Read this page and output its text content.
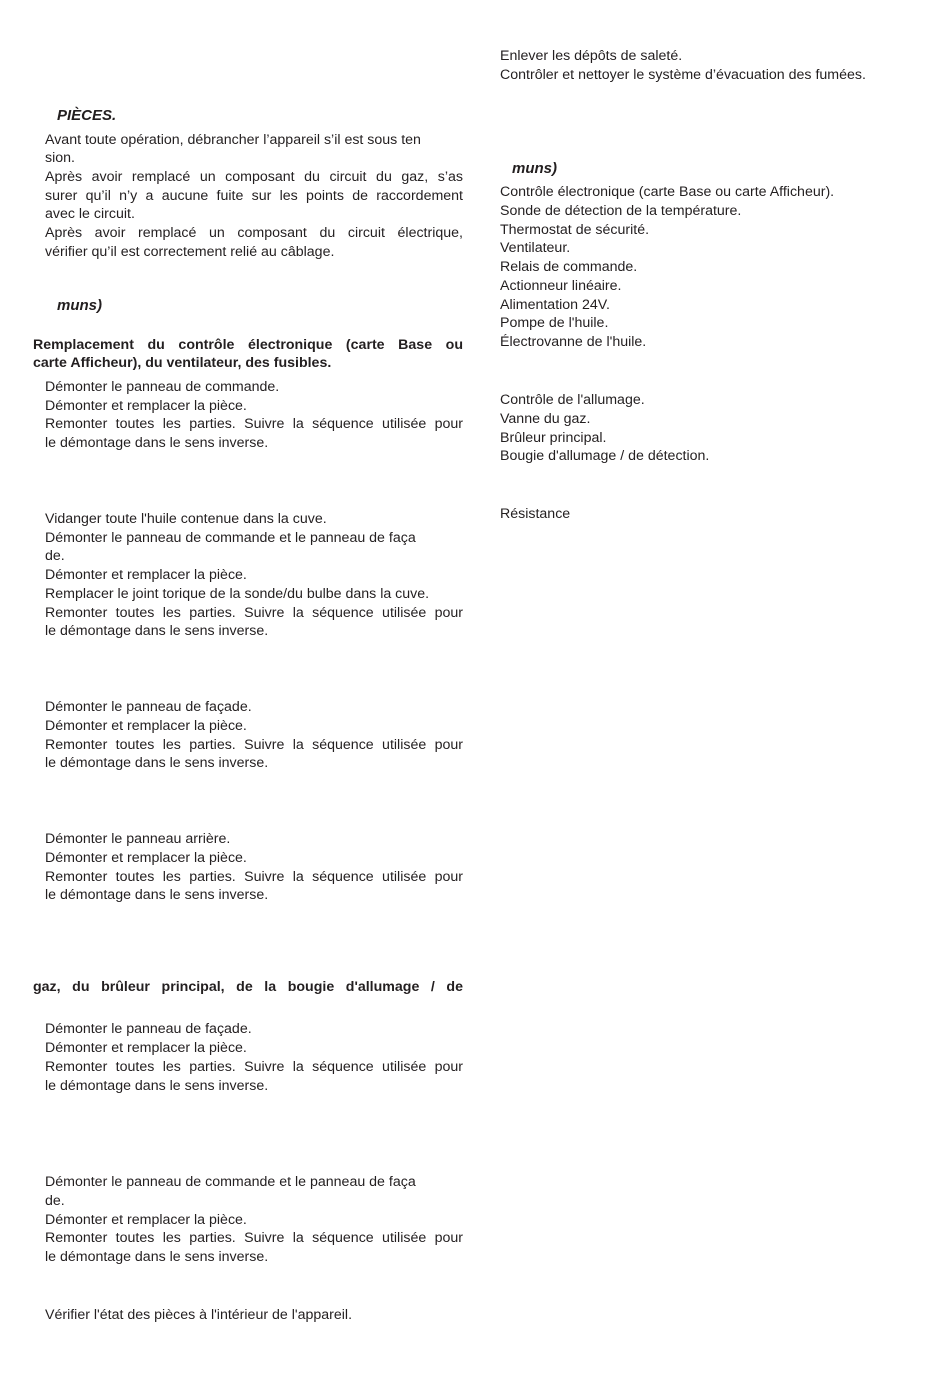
Enlever les dépôts de saleté.
Contrôler et nettoyer le système d’évacuation des fumées.
muns)
Contrôle électronique (carte Base ou carte Afficheur).
Sonde de détection de la température.
Thermostat de sécurité.
Ventilateur.
Relais de commande.
Actionneur linéaire.
Alimentation 24V.
Pompe de l'huile.
Électrovanne de l'huile.
Contrôle de l'allumage.
Vanne du gaz.
Brûleur principal.
Bougie d'allumage / de détection.
Résistance
PIÈCES.
Avant toute opération, débrancher l’appareil s’il est sous ten
sion.
Après avoir remplacé un composant du circuit du gaz, s’as
surer qu’il n’y a aucune fuite sur les points de raccordement
avec le circuit.
Après avoir remplacé un composant du circuit électrique,
vérifier qu’il est correctement relié au câblage.
muns)
Remplacement du contrôle électronique (carte Base ou
carte Afficheur), du ventilateur, des fusibles.
Démonter le panneau de commande.
Démonter et remplacer la pièce.
Remonter toutes les parties. Suivre la séquence utilisée pour
le démontage dans le sens inverse.
Vidanger toute l'huile contenue dans la cuve.
Démonter le panneau de commande et le panneau de faça
de.
Démonter et remplacer la pièce.
Remplacer le joint torique de la sonde/du bulbe dans la cuve.
Remonter toutes les parties. Suivre la séquence utilisée pour
le démontage dans le sens inverse.
Démonter le panneau de façade.
Démonter et remplacer la pièce.
Remonter toutes les parties. Suivre la séquence utilisée pour
le démontage dans le sens inverse.
Démonter le panneau arrière.
Démonter et remplacer la pièce.
Remonter toutes les parties. Suivre la séquence utilisée pour
le démontage dans le sens inverse.
gaz, du brûleur principal, de la bougie d'allumage / de
Démonter le panneau de façade.
Démonter et remplacer la pièce.
Remonter toutes les parties. Suivre la séquence utilisée pour
le démontage dans le sens inverse.
Démonter le panneau de commande et le panneau de faça
de.
Démonter et remplacer la pièce.
Remonter toutes les parties. Suivre la séquence utilisée pour
le démontage dans le sens inverse.
Vérifier l'état des pièces à l'intérieur de l'appareil.
